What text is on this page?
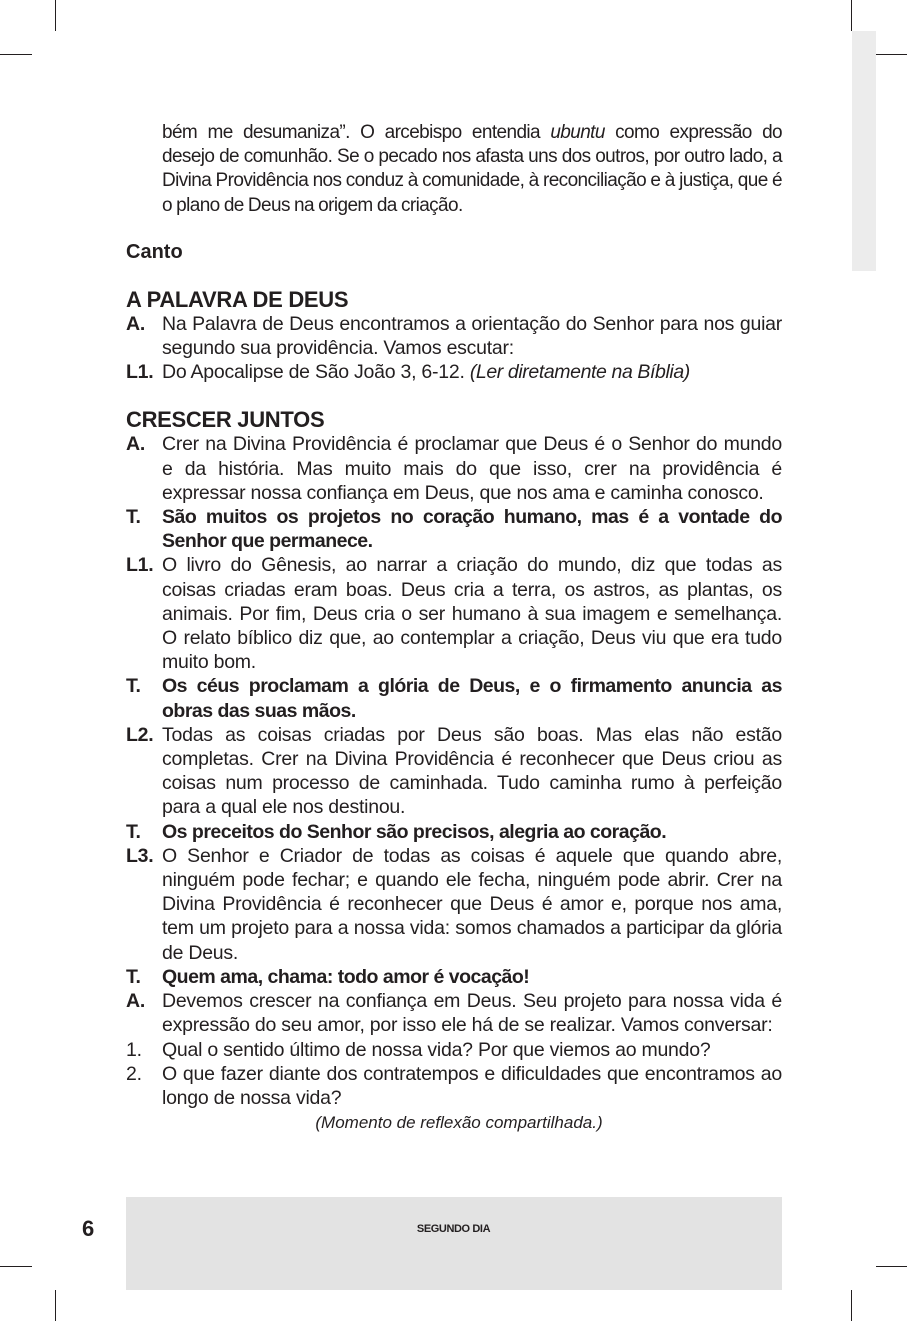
bém me desumaniza”. O arcebispo entendia ubuntu como expressão do desejo de comunhão. Se o pecado nos afasta uns dos outros, por outro lado, a Divina Providência nos conduz à comunidade, à reconciliação e à justiça, que é o plano de Deus na origem da criação.

Canto
A PALAVRA DE DEUS
A. Na Palavra de Deus encontramos a orientação do Senhor para nos guiar segundo sua providência. Vamos escutar:
L1. Do Apocalipse de São João 3, 6-12. (Ler diretamente na Bíblia)
CRESCER JUNTOS
A. Crer na Divina Providência é proclamar que Deus é o Senhor do mundo e da história. Mas muito mais do que isso, crer na providência é expressar nossa confiança em Deus, que nos ama e caminha conosco.
T.	São muitos os projetos no coração humano, mas é a vontade do Senhor que permanece.
L1. O livro do Gênesis, ao narrar a criação do mundo, diz que todas as coisas criadas eram boas. Deus cria a terra, os astros, as plantas, os animais. Por fim, Deus cria o ser humano à sua imagem e semelhança. O relato bíblico diz que, ao contemplar a criação, Deus viu que era tudo muito bom.
T.	Os céus proclamam a glória de Deus, e o firmamento anuncia as obras das suas mãos.
L2. Todas as coisas criadas por Deus são boas. Mas elas não estão completas. Crer na Divina Providência é reconhecer que Deus criou as coisas num processo de caminhada. Tudo caminha rumo à perfeição para a qual ele nos destinou.
T.	Os preceitos do Senhor são precisos, alegria ao coração.
L3. O Senhor e Criador de todas as coisas é aquele que quando abre, ninguém pode fechar; e quando ele fecha, ninguém pode abrir. Crer na Divina Providência é reconhecer que Deus é amor e, porque nos ama, tem um projeto para a nossa vida: somos chamados a participar da glória de Deus.
T.	Quem ama, chama: todo amor é vocação!
A. Devemos crescer na confiança em Deus. Seu projeto para nossa vida é expressão do seu amor, por isso ele há de se realizar. Vamos conversar:
1.	Qual o sentido último de nossa vida? Por que viemos ao mundo?
2.	O que fazer diante dos contratempos e dificuldades que encontramos ao longo de nossa vida?
(Momento de reflexão compartilhada.)
SEGUNDO DIA
6
